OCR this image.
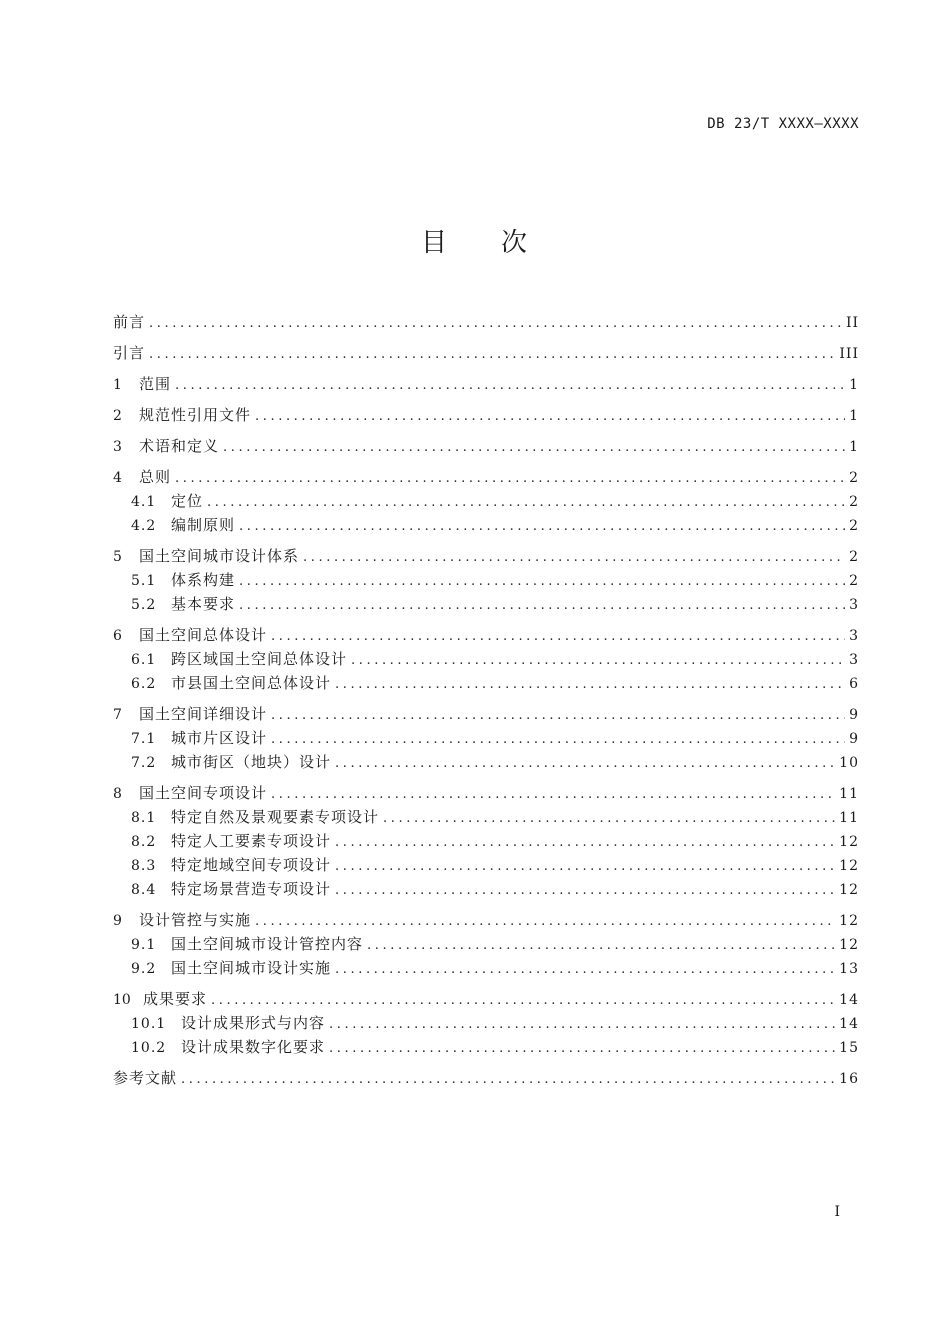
DB 23/T XXXX—XXXX
目 次
前言 .....	II
引言 .....	III
1	范围 .....	1
2	规范性引用文件 .....	1
3	术语和定义 .....	1
4	总则 .....	2
4.1 定位 .....	2
4.2 编制原则 .....	2
5	国土空间城市设计体系 .....	2
5.1 体系构建 .....	2
5.2 基本要求 .....	3
6	国土空间总体设计 .....	3
6.1 跨区域国土空间总体设计 .....	3
6.2 市县国土空间总体设计 .....	6
7	国土空间详细设计 .....	9
7.1 城市片区设计 .....	9
7.2 城市街区（地块）设计 .....	10
8	国土空间专项设计 .....	11
8.1 特定自然及景观要素专项设计 .....	11
8.2 特定人工要素专项设计 .....	12
8.3 特定地域空间专项设计 .....	12
8.4 特定场景营造专项设计 .....	12
9	设计管控与实施 .....	12
9.1 国土空间城市设计管控内容 .....	12
9.2 国土空间城市设计实施 .....	13
10 成果要求 .....	14
10.1 设计成果形式与内容 .....	14
10.2 设计成果数字化要求 .....	15
参考文献 .....	16
I
